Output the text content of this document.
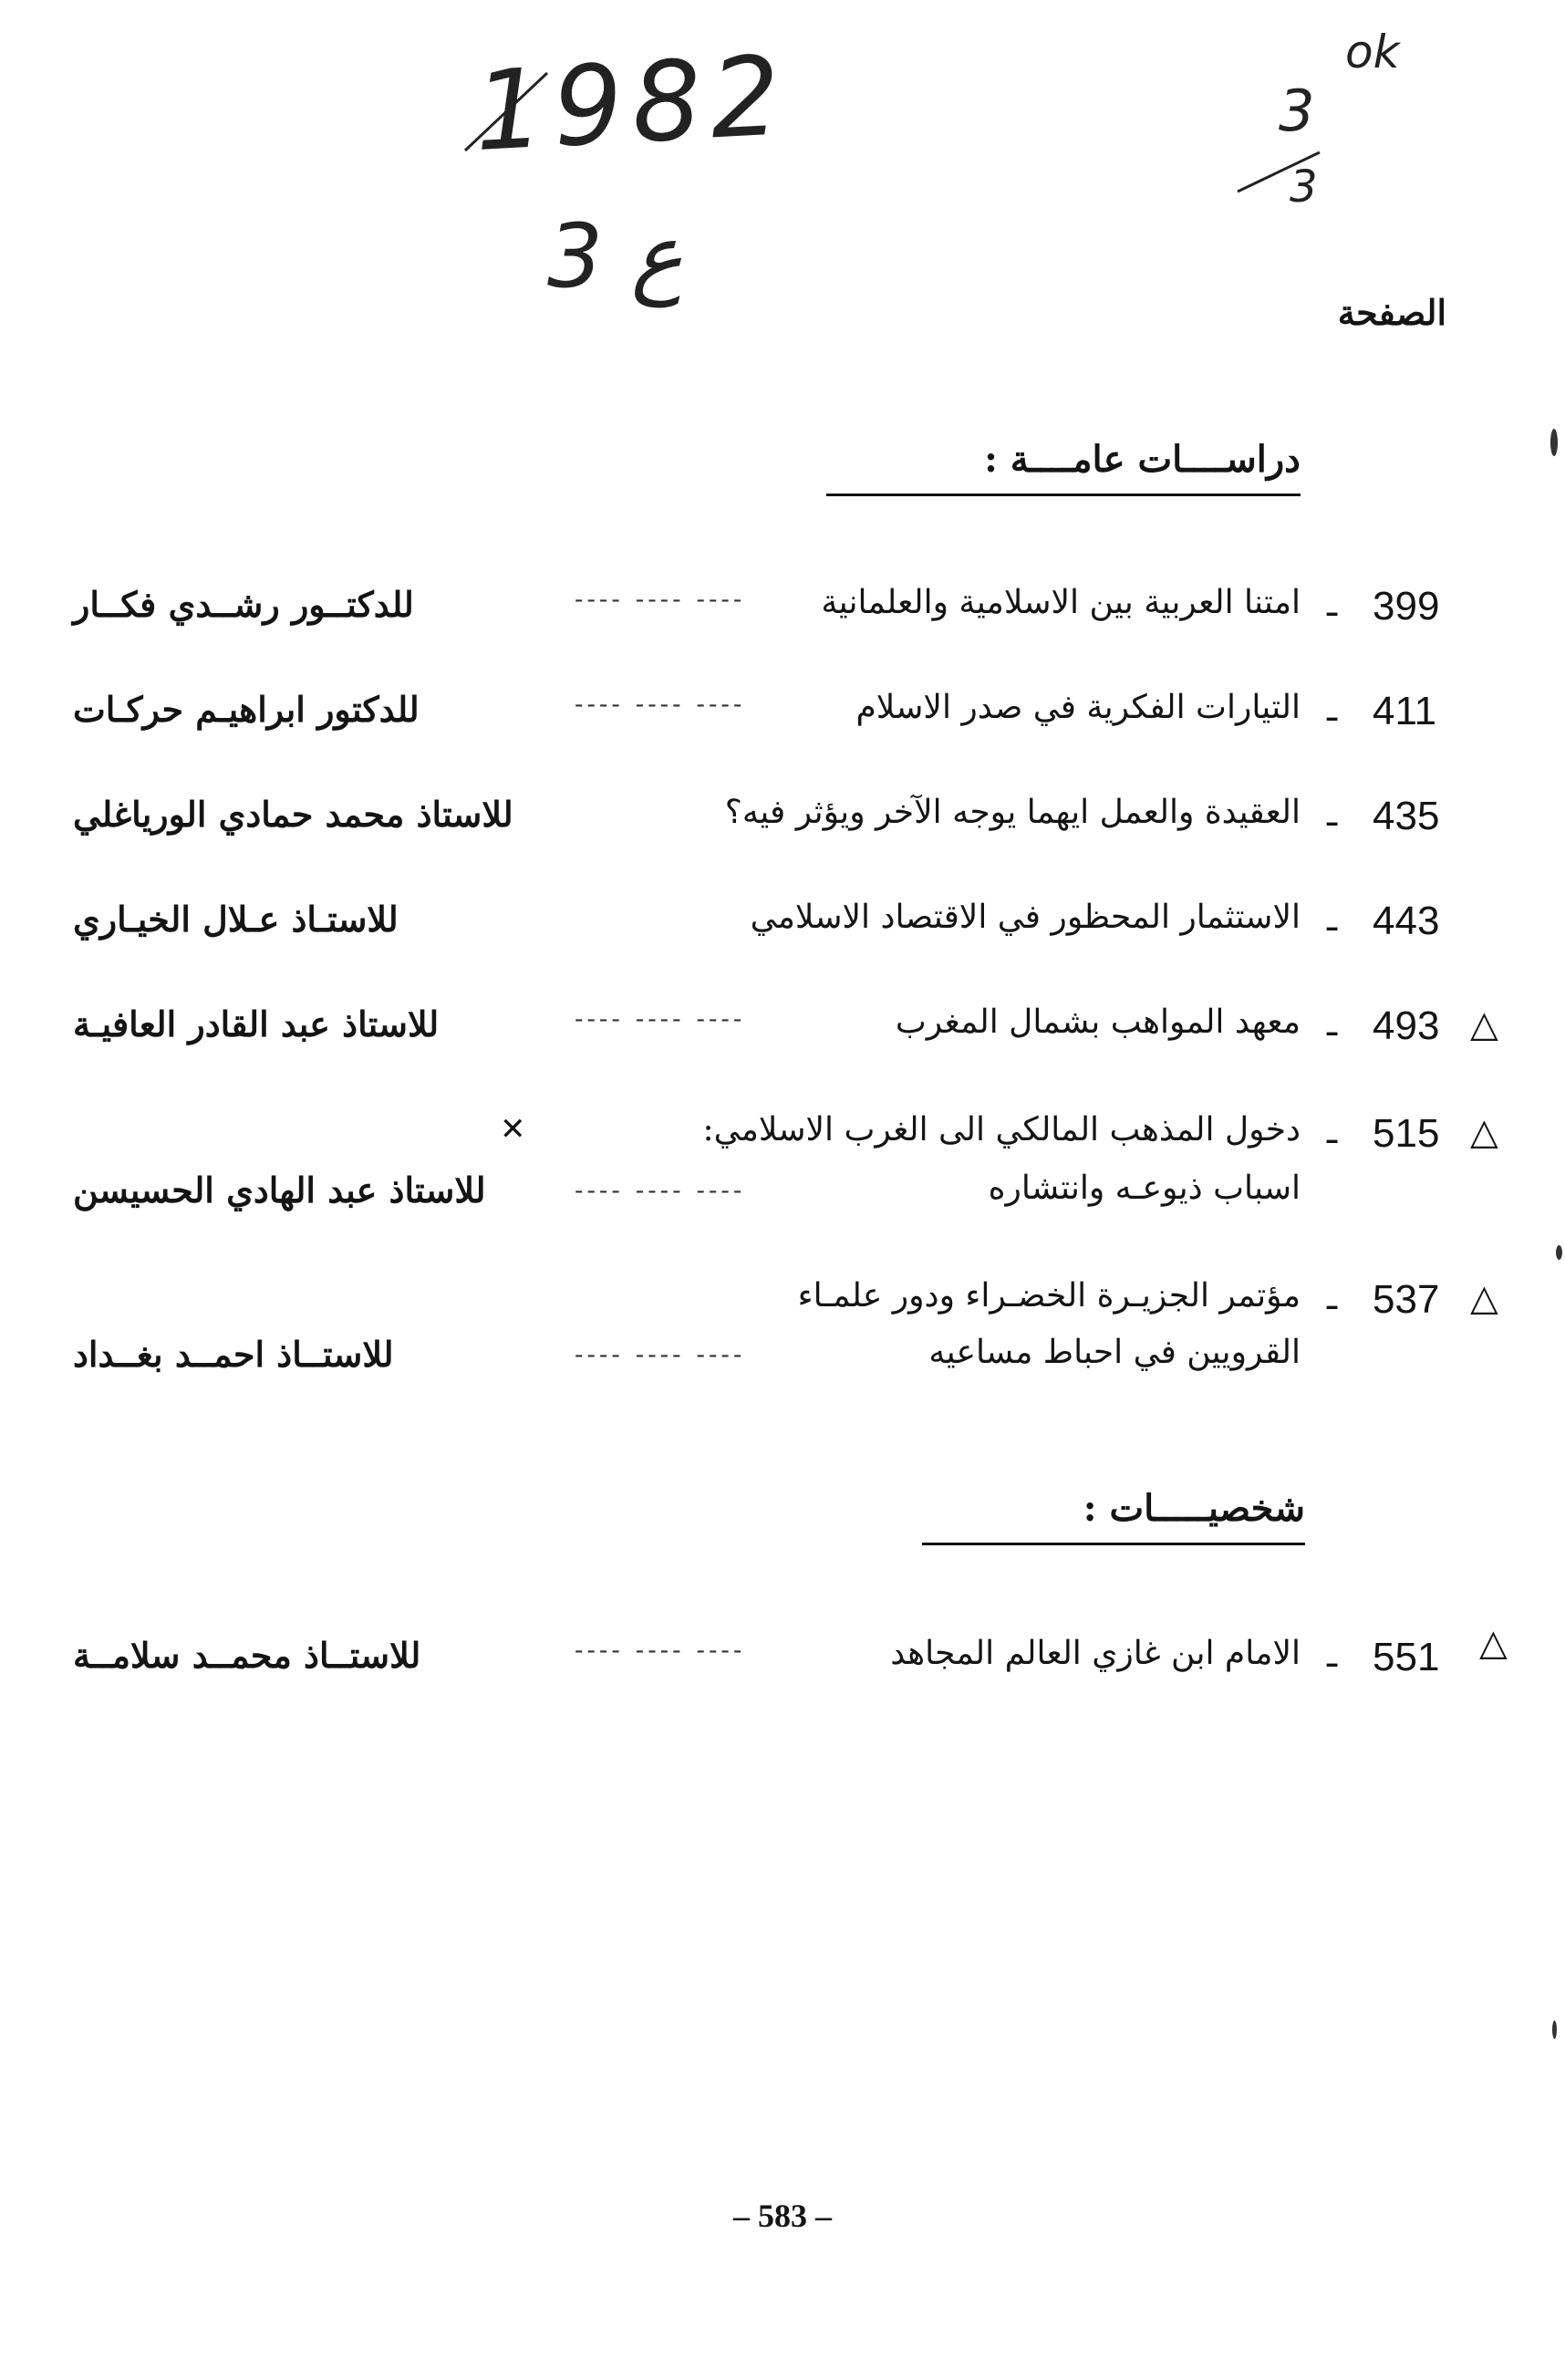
1982
3 ع
ok
3
3
الصفحة
دراســــات عامــــة :
399
ـ
امتنا العربية بين الاسلامية والعلمانية
---- ---- ----
للدكتــور رشــدي فكــار
411
ـ
التيارات الفكرية في صدر الاسلام
---- ---- ----
للدكتور ابراهيـم حركـات
435
ـ
العقيدة والعمل ايهما يوجه الآخر ويؤثر فيه؟
للاستاذ محمد حمادي الورياغلي
443
ـ
الاستثمار المحظور في الاقتصاد الاسلامي
للاستـاذ عـلال الخيـاري
△
493
ـ
معهد المواهب بشمال المغرب
---- ---- ----
للاستاذ عبد القادر العافيـة
△
515
ـ
دخول المذهب المالكي الى الغرب الاسلامي:
✕
اسباب ذيوعـه وانتشاره
---- ---- ----
للاستاذ عبد الهادي الحسيسن
△
537
ـ
مؤتمر الجزيـرة الخضـراء ودور علمـاء
القرويين في احباط مساعيه
---- ---- ----
للاستــاذ احمــد بغــداد
شخصيـــــات :
△
551
ـ
الامام ابن غازي العالم المجاهد
---- ---- ----
للاستــاذ محمــد سلامــة
– 583 –
